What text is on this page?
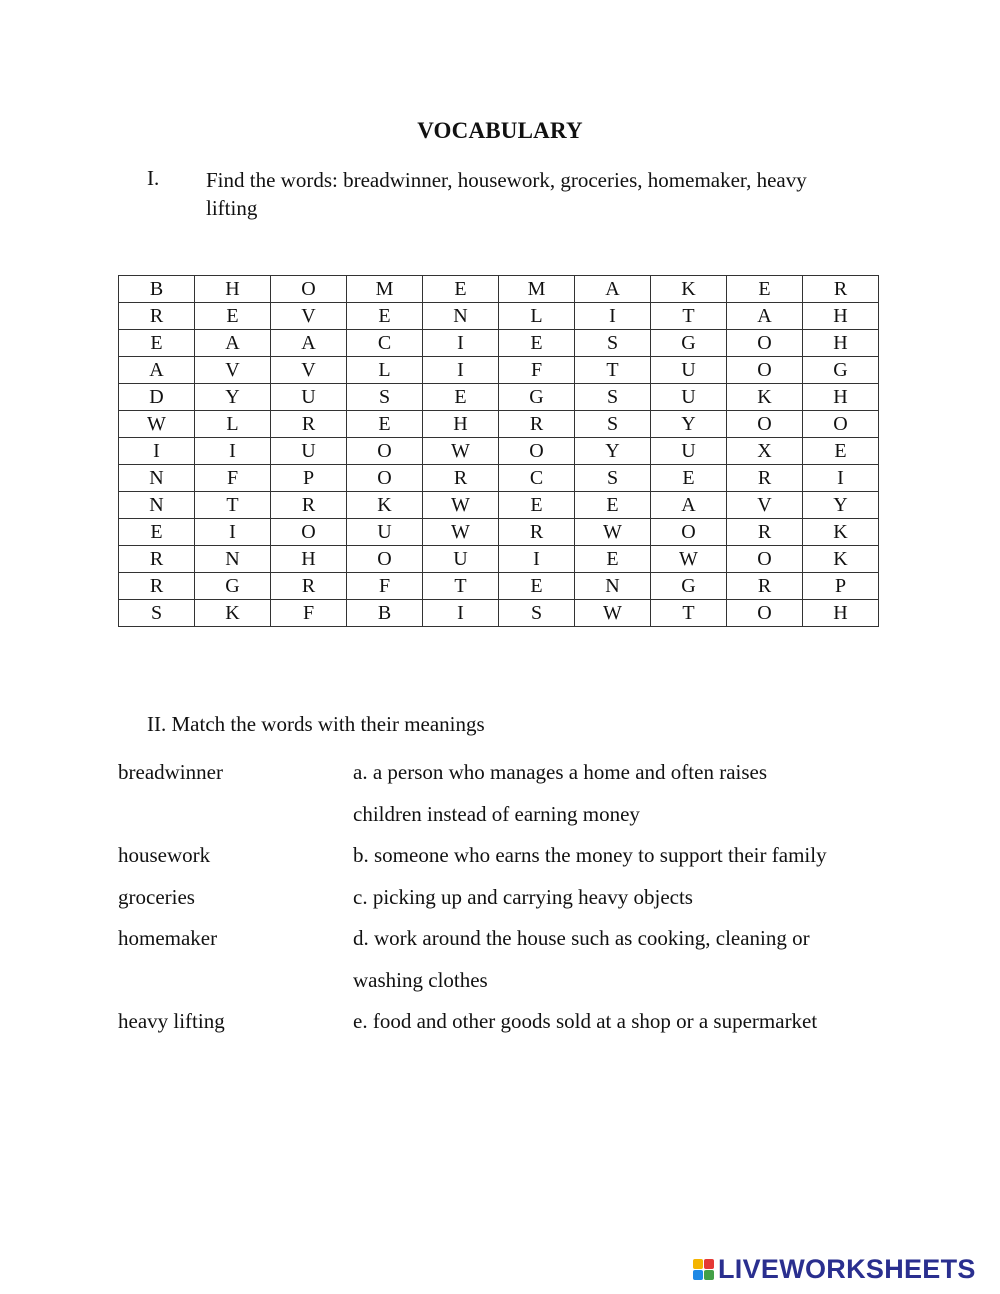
VOCABULARY
I. Find the words: breadwinner, housework, groceries, homemaker, heavy lifting
B	H	O	M	E	M	A	K	E	R
R	E	V	E	N	L	I	T	A	H
E	A	A	C	I	E	S	G	O	H
A	V	V	L	I	F	T	U	O	G
D	Y	U	S	E	G	S	U	K	H
W	L	R	E	H	R	S	Y	O	O
I	I	U	O	W	O	Y	U	X	E
N	F	P	O	R	C	S	E	R	I
N	T	R	K	W	E	E	A	V	Y
E	I	O	U	W	R	W	O	R	K
R	N	H	O	U	I	E	W	O	K
R	G	R	F	T	E	N	G	R	P
S	K	F	B	I	S	W	T	O	H
II. Match the words with their meanings
breadwinner	a. a person who manages a home and often raises
children instead of earning money
housework	b. someone who earns the money to support their family
groceries	c. picking up and carrying heavy objects
homemaker	d. work around the house such as cooking, cleaning or
washing clothes
heavy lifting	e. food and other goods sold at a shop or a supermarket
LIVEWORKSHEETS
